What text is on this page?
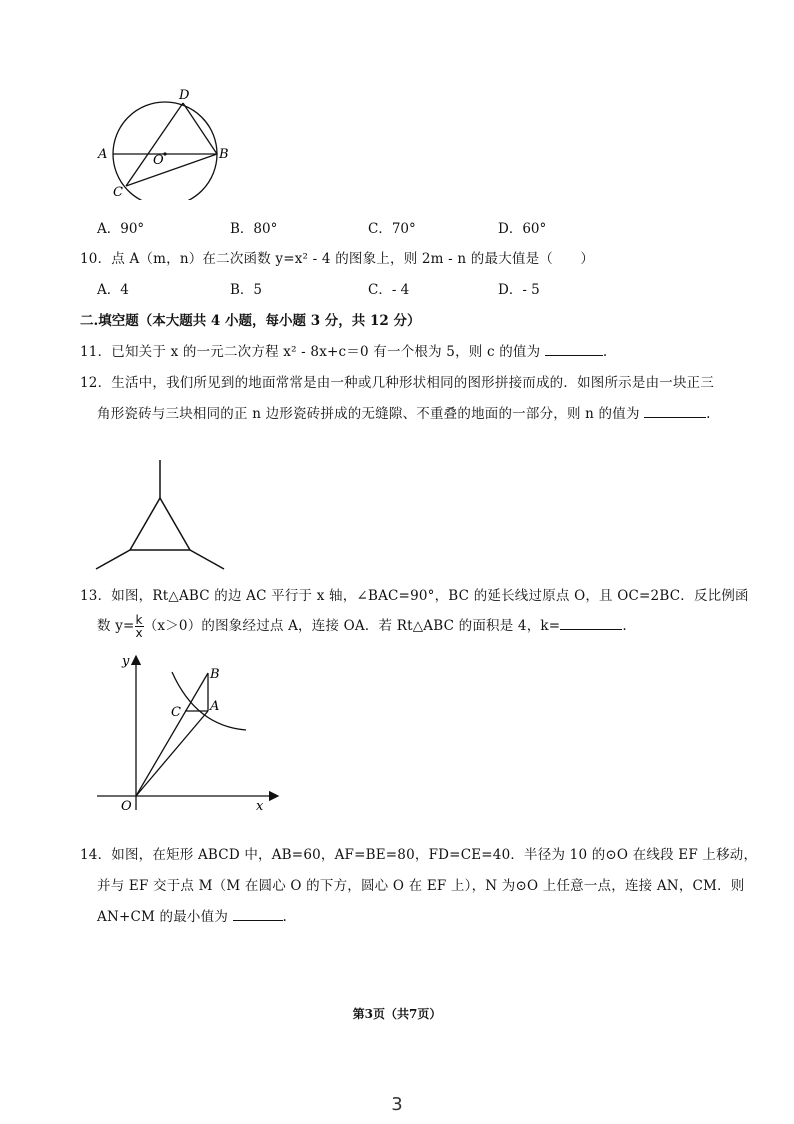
A	B
C
D
O
A．90°	B．80°	C．70°	D．60°
10．点 A（m，n）在二次函数 y=x² - 4 的图象上，则 2m - n 的最大值是（　　）
A．4	B．5	C．- 4	D．- 5
二.填空题（本大题共 4 小题，每小题 3 分，共 12 分）
11．已知关于 x 的一元二次方程 x² - 8x+c＝0 有一个根为 5，则 c 的值为	.
12．生活中，我们所见到的地面常常是由一种或几种形状相同的图形拼接而成的．如图所示是由一块正三
角形瓷砖与三块相同的正 n 边形瓷砖拼成的无缝隙、不重叠的地面的一部分，则 n 的值为	.
13．如图，Rt△ABC 的边 AC 平行于 x 轴，∠BAC=90°，BC 的延长线过原点 O，且 OC=2BC．反比例函
数 $y= \frac{k}{x} (x>0)$的图象经过点 A，连接 OA．若 Rt△ABC 的面积是 4，k=	.
y
x
O
B
A
C
14．如图，在矩形 ABCD 中，AB=60，AF=BE=80，FD=CE=40．半径为 10 的⊙O 在线段 EF 上移动，
并与 EF 交于点 M（M 在圆心 O 的下方，圆心 O 在 EF 上），N 为⊙O 上任意一点，连接 AN，CM．则
AN+CM 的最小值为	.
第3页（共7页）
3
